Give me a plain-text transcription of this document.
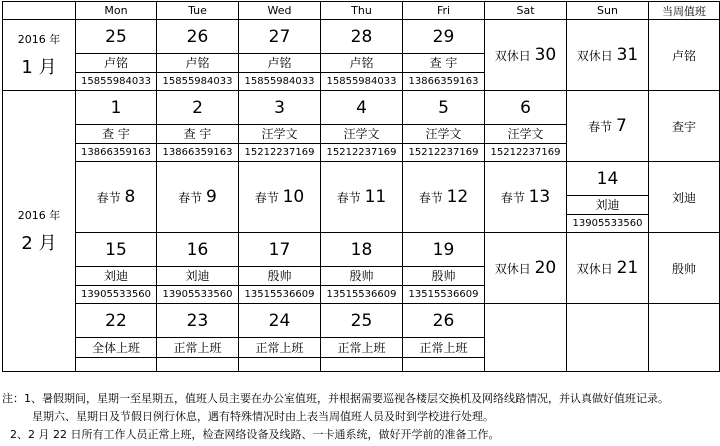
	Mon	Tue	Wed	Thu	Fri	Sat	Sun	当周值班

2016 年
1 月	25	26	27	28	29	双休日 30	双休日 31	卢铭
	卢铭	卢铭	卢铭	卢铭	查 宇			
	15855984033	15855984033	15855984033	15855984033	13866359163			

2016 年
2 月	1	2	3	4	5	6	春节 7	查宇
	查 宇	查 宇	汪学文	汪学文	汪学文	汪学文		
	13866359163	13866359163	15212237169	15212237169	15212237169	15212237169		
	春节 8	春节 9	春节 10	春节 11	春节 12	春节 13	14	刘迪
							刘迪	
							13905533560	
	15	16	17	18	19	双休日 20	双休日 21	殷帅
	刘迪	刘迪	殷帅	殷帅	殷帅			
	13905533560	13905533560	13515536609	13515536609	13515536609			
	22	23	24	25	26			
	全体上班	正常上班	正常上班	正常上班	正常上班			

注：1、暑假期间，星期一至星期五，值班人员主要在办公室值班，并根据需要巡视各楼层交换机及网络线路情况，并认真做好值班记录。
星期六、星期日及节假日例行休息，遇有特殊情况时由上表当周值班人员及时到学校进行处理。
2、2 月 22 日所有工作人员正常上班，检查网络设备及线路、一卡通系统，做好开学前的准备工作。
